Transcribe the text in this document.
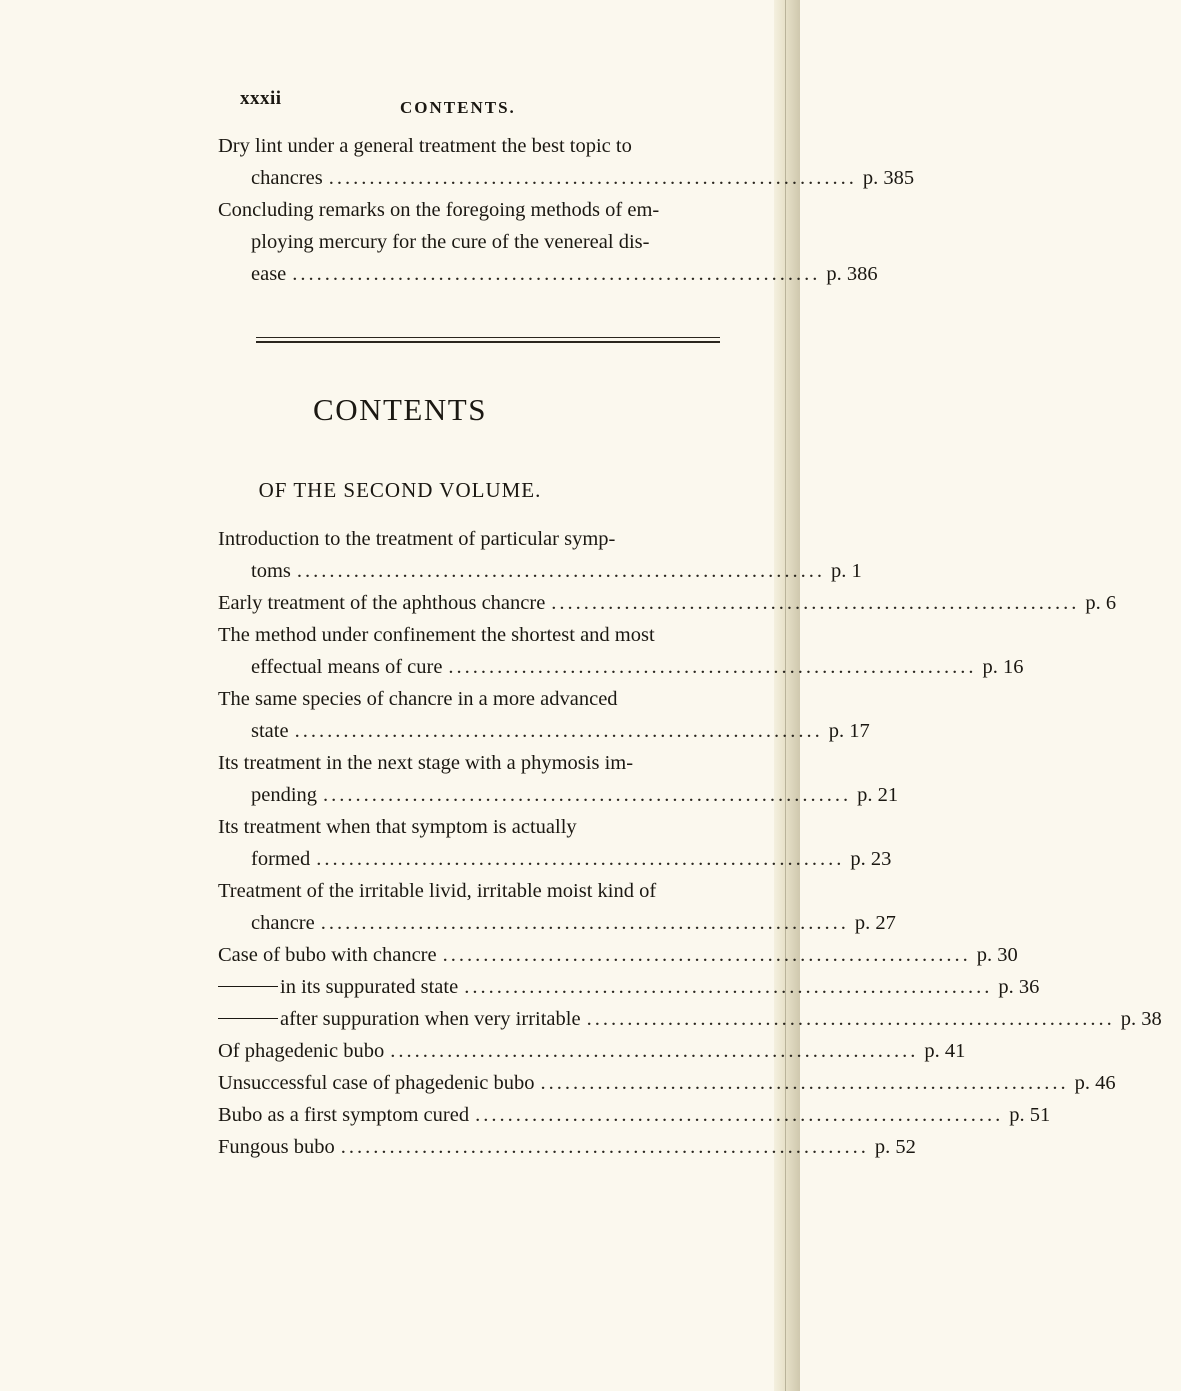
xxxii	CONTENTS.
Dry lint under a general treatment the best topic to
chancres ................................................................. p. 385
Concluding remarks on the foregoing methods of em-
ploying mercury for the cure of the venereal dis-
ease ................................................................. p. 386
CONTENTS
OF THE SECOND VOLUME.
Introduction to the treatment of particular symp-
toms ................................................................. p. 1
Early treatment of the aphthous chancre ................................................................. p. 6
The method under confinement the shortest and most
effectual means of cure ................................................................. p. 16
The same species of chancre in a more advanced
state ................................................................. p. 17
Its treatment in the next stage with a phymosis im-
pending ................................................................. p. 21
Its treatment when that symptom is actually
formed ................................................................. p. 23
Treatment of the irritable livid, irritable moist kind of
chancre ................................................................. p. 27
Case of bubo with chancre ................................................................. p. 30
in its suppurated state ................................................................. p. 36
after suppuration when very irritable ................................................................. p. 38
Of phagedenic bubo ................................................................. p. 41
Unsuccessful case of phagedenic bubo ................................................................. p. 46
Bubo as a first symptom cured ................................................................. p. 51
Fungous bubo ................................................................. p. 52
